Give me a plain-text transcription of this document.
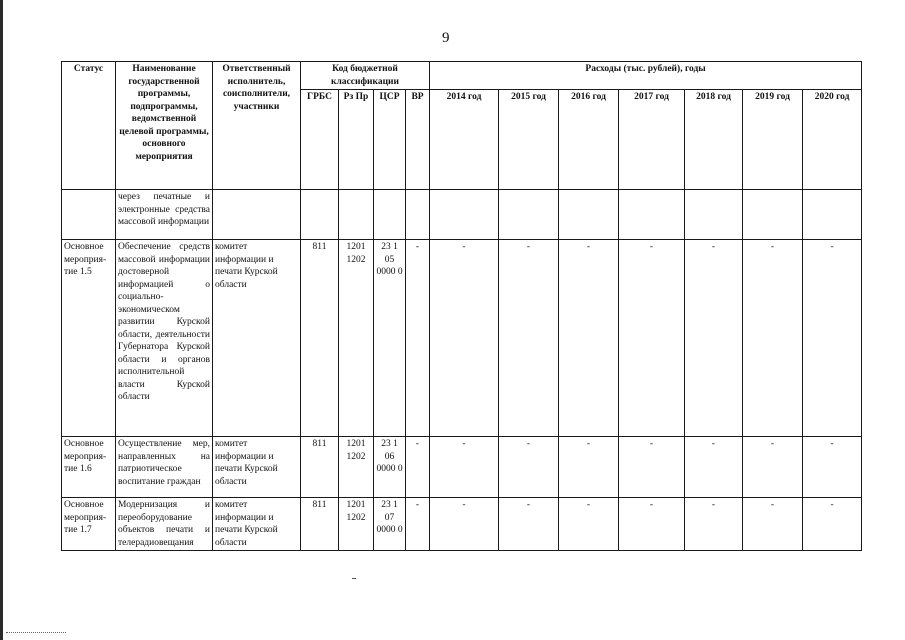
9
Статус	Наименование государственной программы, подпрограммы, ведомственной целевой программы, основного мероприятия	Ответственный исполнитель, соисполнители, участники	Код бюджетной классификации				Расходы (тыс. рублей), годы						
			ГРБС	Рз Пр	ЦСР	ВР	2014 год	2015 год	2016 год	2017 год	2018 год	2019 год	2020 год
	через печатные и электронные средства массовой информации												
Основное мероприя-тие 1.5	Обеспечение средств массовой информации достоверной информацией о социально-экономическом развитии Курской области, деятельности Губернатора Курской области и органов исполнительной власти Курской области	комитет информации и печати Курской области	811	1201 1202	23 1 05 0000 0	-	-	-	-	-	-	-	-
Основное мероприя-тие 1.6	Осуществление мер, направленных на патриотическое воспитание граждан	комитет информации и печати Курской области	811	1201 1202	23 1 06 0000 0	-	-	-	-	-	-	-	-
Основное мероприя-тие 1.7	Модернизация и переоборудование объектов печати и телерадиовещания	комитет информации и печати Курской области	811	1201 1202	23 1 07 0000 0	-	-	-	-	-	-	-	-
